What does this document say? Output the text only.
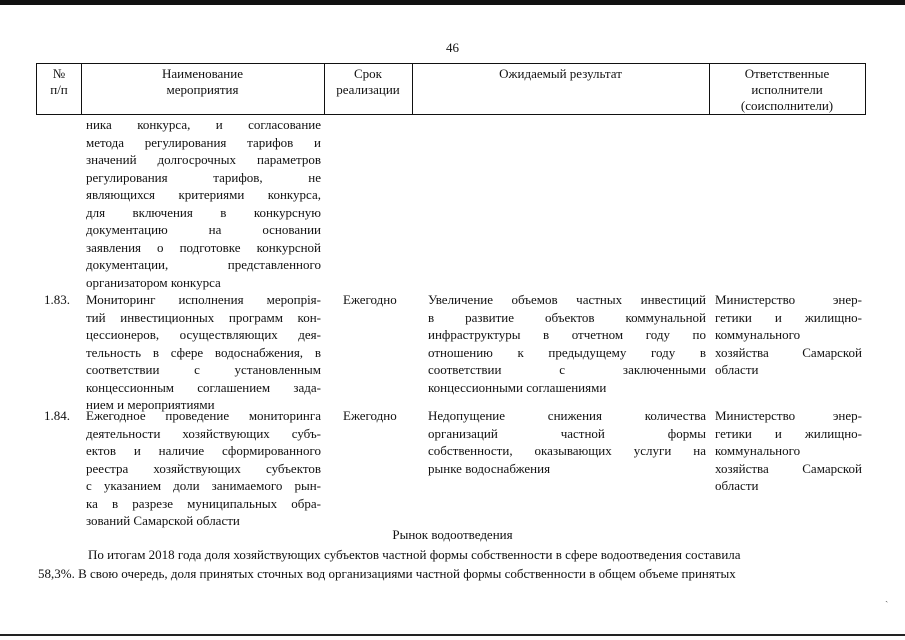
46
№
п/п
Наименование
мероприятия
Срок
реализации
Ожидаемый результат	Ответственные
исполнители
(соисполнители)
ника конкурса, и согласование
метода регулирования тарифов и
значений долгосрочных параметров
регулирования тарифов, не
являющихся критериями конкурса,
для включения в конкурсную
документацию на основании
заявления о подготовке конкурсной
документации, представленного
организатором конкурса
1.83. Мониторинг исполнения меропрія-
тий инвестиционных программ кон-
цессионеров, осуществляющих дея-
тельность в сфере водоснабжения, в
соответствии с установленным
концессионным соглашением зада-
нием и мероприятиями
Ежегодно Увеличение объемов частных инвестиций
в развитие объектов коммунальной
инфраструктуры в отчетном году по
отношению к предыдущему году в
соответствии с заключенными
концессионными соглашениями
Министерство энер-
гетики и жилищно-
коммунального
хозяйства Самарской
области
1.84. Ежегодное проведение мониторинга
деятельности хозяйствующих субъ-
ектов и наличие сформированного
реестра хозяйствующих субъектов
с указанием доли занимаемого рын-
ка в разрезе муниципальных обра-
зований Самарской области
Ежегодно Недопущение снижения количества
организаций частной формы
собственности, оказывающих услуги на
рынке водоснабжения
Министерство энер-
гетики и жилищно-
коммунального
хозяйства Самарской
области
Рынок водоотведения
По итогам 2018 года доля хозяйствующих субъектов частной формы собственности в сфере водоотведения составила
58,3%. В свою очередь, доля принятых сточных вод организациями частной формы собственности в общем объеме принятых
ˏ
